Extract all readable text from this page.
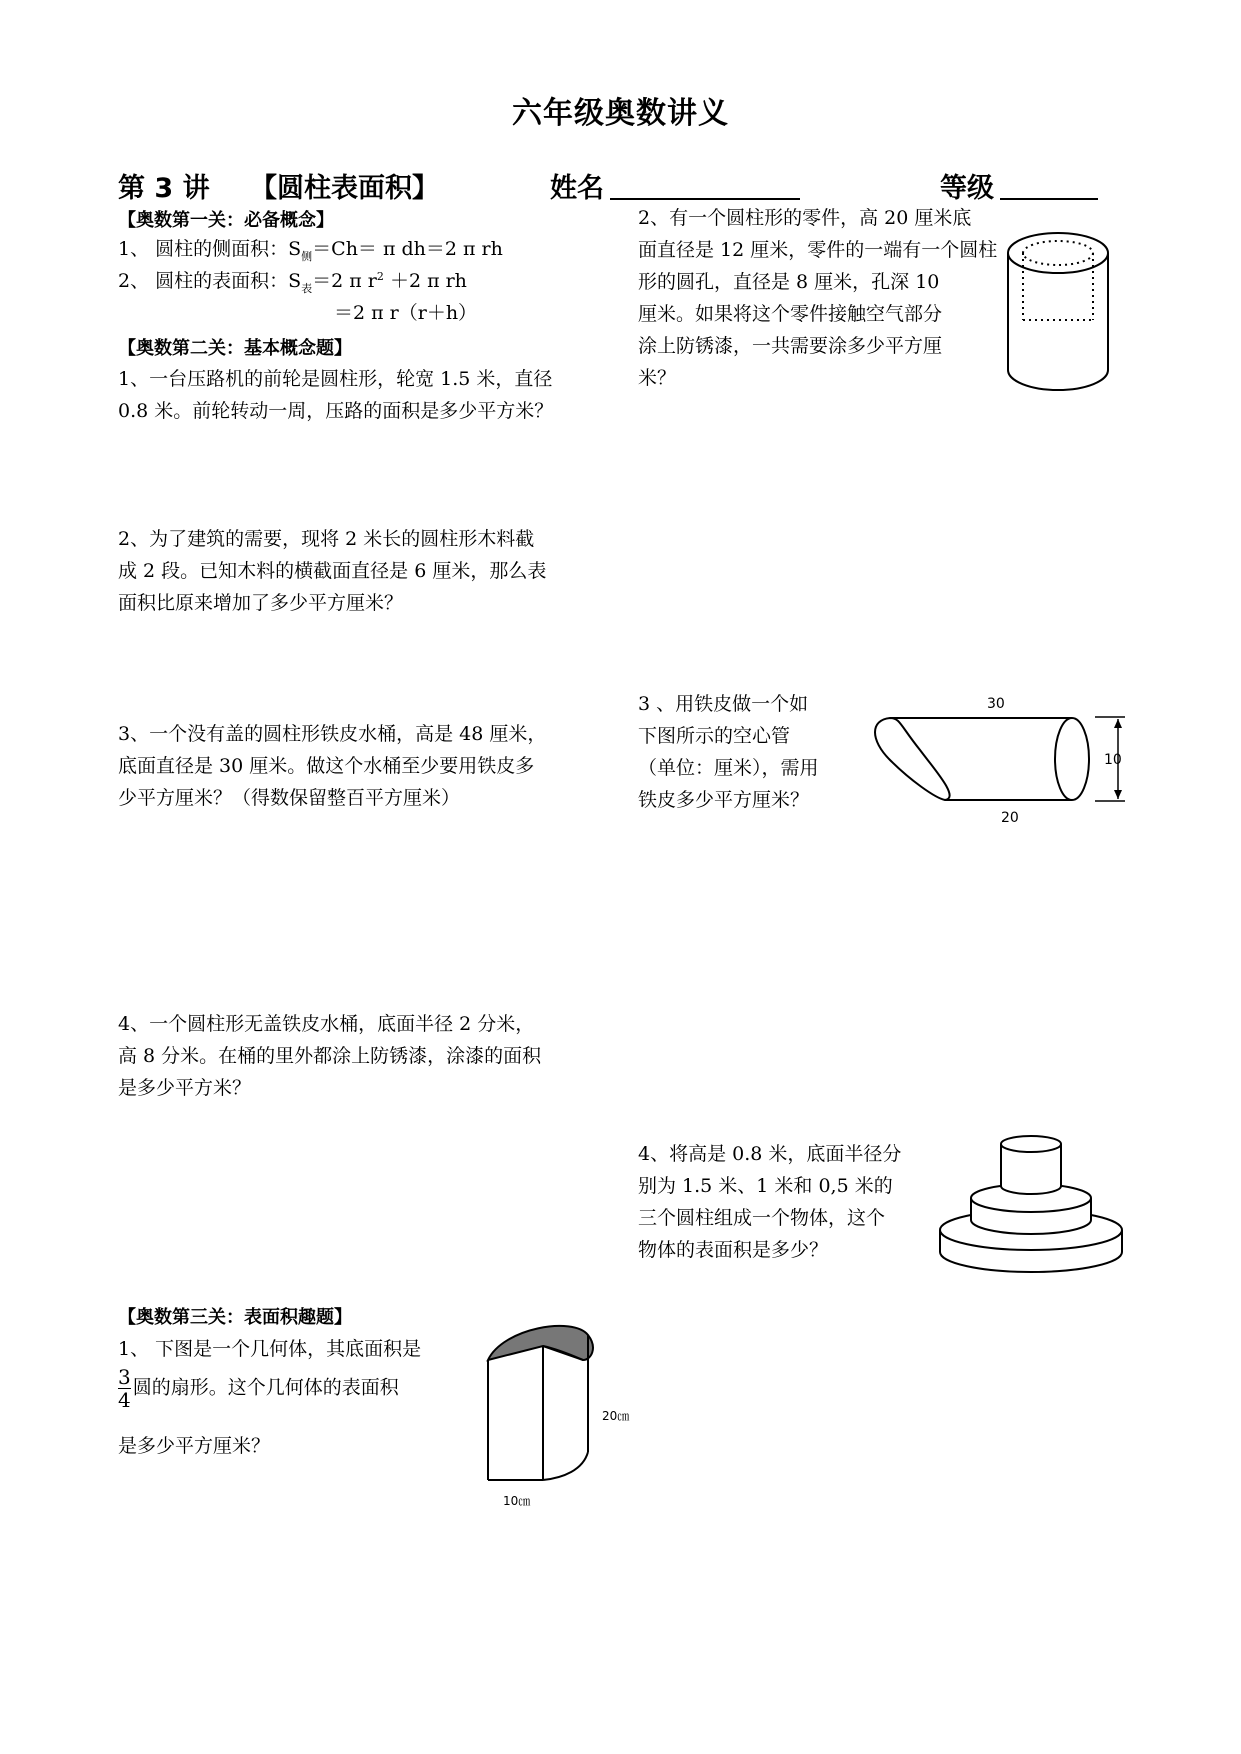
六年级奥数讲义
第 3 讲 【圆柱表面积】	姓名	等级
【奥数第一关：必备概念】
1、 圆柱的侧面积：$S_侧=Ch= \pi$ dh＝2 π rh
2、 圆柱的表面积：$S_表=2$ π $r^2 +2$ π rh
＝2 π r（r＋h）
【奥数第二关：基本概念题】
1、一台压路机的前轮是圆柱形，轮宽 1.5 米，直径
0.8 米。前轮转动一周，压路的面积是多少平方米？
2、为了建筑的需要，现将 2 米长的圆柱形木料截
成 2 段。已知木料的横截面直径是 6 厘米，那么表
面积比原来增加了多少平方厘米？
3、一个没有盖的圆柱形铁皮水桶，高是 48 厘米，
底面直径是 30 厘米。做这个水桶至少要用铁皮多
少平方厘米？（得数保留整百平方厘米）
4、一个圆柱形无盖铁皮水桶，底面半径 2 分米，
高 8 分米。在桶的里外都涂上防锈漆，涂漆的面积
是多少平方米？
2、有一个圆柱形的零件，高 20 厘米底
面直径是 12 厘米，零件的一端有一个圆柱
形的圆孔，直径是 8 厘米，孔深 10
厘米。如果将这个零件接触空气部分
涂上防锈漆，一共需要涂多少平方厘
米？
3 、用铁皮做一个如
下图所示的空心管
（单位：厘米），需用
铁皮多少平方厘米？
30
20
10
4、将高是 0.8 米，底面半径分
别为 1.5 米、1 米和 0,5 米的
三个圆柱组成一个物体，这个
物体的表面积是多少？
【奥数第三关：表面积趣题】
1、 下图是一个几何体，其底面积是
$\frac{3}{4}$ 圆的扇形。这个几何体的表面积
是多少平方厘米？
20㎝
10㎝
